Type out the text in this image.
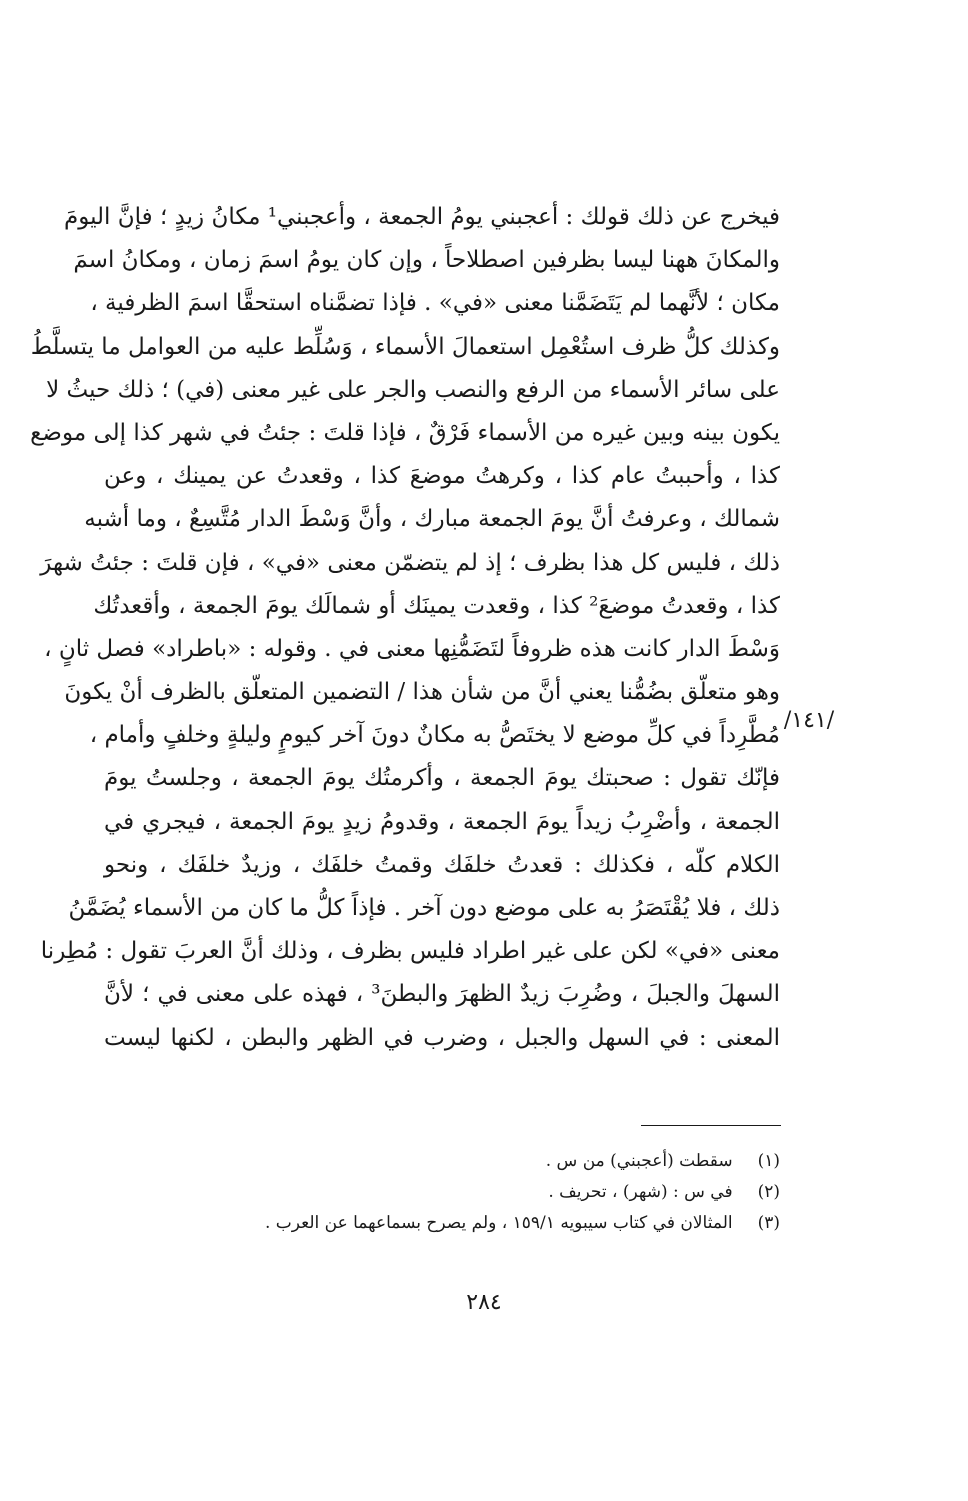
فيخرج عن ذلك قولك : أعجبني يومُ الجمعة ، وأعجبني¹ مكانُ زيدٍ ؛ فإنَّ اليومَ
والمكانَ ههنا ليسا بظرفين اصطلاحاً ، وإن كان يومُ اسمَ زمان ، ومكانُ اسمَ
مكان ؛ لأنَّهما لم يَتَضَمَّنا معنى «في» . فإذا تضمَّناه استحقَّا اسمَ الظرفية ،
وكذلك كلُّ ظرف استُعْمِل استعمالَ الأسماء ، وَسُلِّط عليه من العوامل ما يتسلَّطُ
على سائر الأسماء من الرفع والنصب والجر على غير معنى (في) ؛ ذلك حيثُ لا
يكون بينه وبين غيره من الأسماء فَرْقٌ ، فإذا قلتَ : جئتُ في شهر كذا إلى موضع
كذا ، وأحببتُ عام كذا ، وكرهتُ موضعَ كذا ، وقعدتُ عن يمينك ، وعن
شمالك ، وعرفتُ أنَّ يومَ الجمعة مبارك ، وأنَّ وَسْطَ الدار مُتَّسِعٌ ، وما أشبه
ذلك ، فليس كل هذا بظرف ؛ إذ لم يتضمّن معنى «في» ، فإن قلتَ : جئتُ شهرَ
كذا ، وقعدتُ موضعَ² كذا ، وقعدت يمينَك أو شمالَك يومَ الجمعة ، وأقعدتُك
وَسْطَ الدار كانت هذه ظروفاً لتَضَمُّنِها معنى في . وقوله : «باطراد» فصل ثانٍ ،
وهو متعلّق بضُمُّنا يعني أنَّ من شأن هذا / التضمين المتعلّق بالظرف أنْ يكونَ
مُطَّرِداً في كلِّ موضع لا يختَصُّ به مكانٌ دونَ آخر كيومٍ وليلةٍ وخلفٍ وأمام ،
فإنّك تقول : صحبتك يومَ الجمعة ، وأكرمتُك يومَ الجمعة ، وجلستُ يومَ
الجمعة ، وأضْرِبُ زيداً يومَ الجمعة ، وقدومُ زيدٍ يومَ الجمعة ، فيجري في
الكلام كلّه ، فكذلك : قعدتُ خلفَك وقمتُ خلفَك ، وزيدٌ خلفَك ، ونحو
ذلك ، فلا يُقْتَصَرُ به على موضع دون آخر . فإذاً كلُّ ما كان من الأسماء يُضَمَّنُ
معنى «في» لكن على غير اطراد فليس بظرف ، وذلك أنَّ العربَ تقول : مُطِرنا
السهلَ والجبلَ ، وضُرِبَ زيدٌ الظهرَ والبطنَ³ ، فهذه على معنى في ؛ لأنَّ
المعنى : في السهل والجبل ، وضرب في الظهر والبطن ، لكنها ليست
/١٤١/
(١) سقطت (أعجبني) من س .
(٢) في س : (شهر) ، تحريف .
(٣) المثالان في كتاب سيبويه ١٥٩/١ ، ولم يصرح بسماعهما عن العرب .
٢٨٤
